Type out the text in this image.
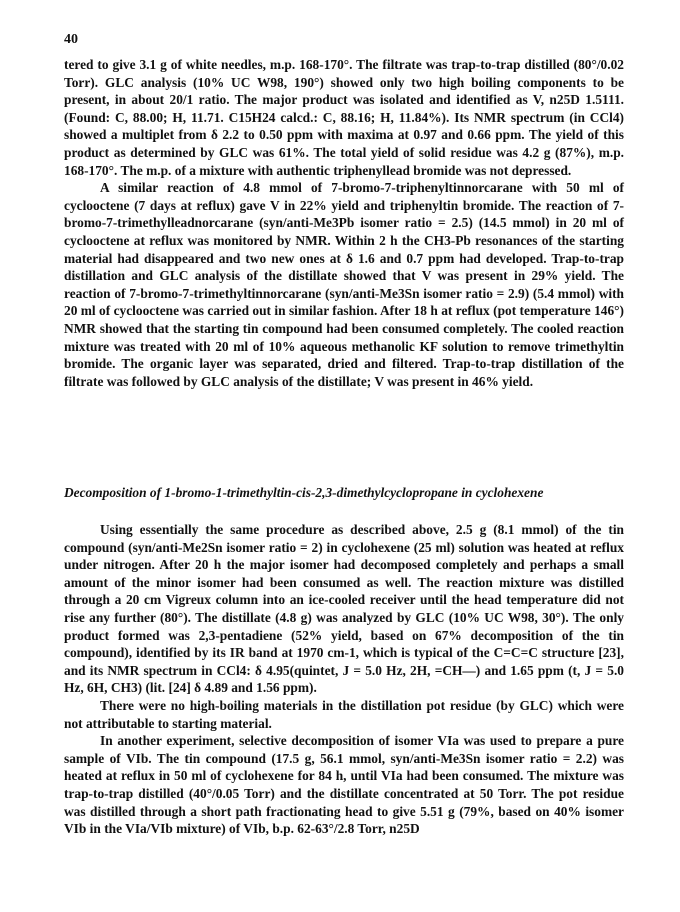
40

tered to give 3.1 g of white needles, m.p. 168-170°. The filtrate was trap-to-trap distilled (80°/0.02 Torr). GLC analysis (10% UC W98, 190°) showed only two high boiling components to be present, in about 20/1 ratio. The major product was isolated and identified as V, n25D 1.5111. (Found: C, 88.00; H, 11.71. C15H24 calcd.: C, 88.16; H, 11.84%). Its NMR spectrum (in CCl4) showed a multiplet from δ 2.2 to 0.50 ppm with maxima at 0.97 and 0.66 ppm. The yield of this product as determined by GLC was 61%. The total yield of solid residue was 4.2 g (87%), m.p. 168-170°. The m.p. of a mixture with authentic triphenyllead bromide was not depressed.

A similar reaction of 4.8 mmol of 7-bromo-7-triphenyltinnorcarane with 50 ml of cyclooctene (7 days at reflux) gave V in 22% yield and triphenyltin bromide. The reaction of 7-bromo-7-trimethylleadnorcarane (syn/anti-Me3Pb isomer ratio = 2.5) (14.5 mmol) in 20 ml of cyclooctene at reflux was monitored by NMR. Within 2 h the CH3-Pb resonances of the starting material had disappeared and two new ones at δ 1.6 and 0.7 ppm had developed. Trap-to-trap distillation and GLC analysis of the distillate showed that V was present in 29% yield. The reaction of 7-bromo-7-trimethyltinnorcarane (syn/anti-Me3Sn isomer ratio = 2.9) (5.4 mmol) with 20 ml of cyclooctene was carried out in similar fashion. After 18 h at reflux (pot temperature 146°) NMR showed that the starting tin compound had been consumed completely. The cooled reaction mixture was treated with 20 ml of 10% aqueous methanolic KF solution to remove trimethyltin bromide. The organic layer was separated, dried and filtered. Trap-to-trap distillation of the filtrate was followed by GLC analysis of the distillate; V was present in 46% yield.

Decomposition of 1-bromo-1-trimethyltin-cis-2,3-dimethylcyclopropane in cyclohexene

Using essentially the same procedure as described above, 2.5 g (8.1 mmol) of the tin compound (syn/anti-Me2Sn isomer ratio = 2) in cyclohexene (25 ml) solution was heated at reflux under nitrogen. After 20 h the major isomer had decomposed completely and perhaps a small amount of the minor isomer had been consumed as well. The reaction mixture was distilled through a 20 cm Vigreux column into an ice-cooled receiver until the head temperature did not rise any further (80°). The distillate (4.8 g) was analyzed by GLC (10% UC W98, 30°). The only product formed was 2,3-pentadiene (52% yield, based on 67% decomposition of the tin compound), identified by its IR band at 1970 cm-1, which is typical of the C=C=C structure [23], and its NMR spectrum in CCl4: δ 4.95(quintet, J = 5.0 Hz, 2H, =CH—) and 1.65 ppm (t, J = 5.0 Hz, 6H, CH3) (lit. [24] δ 4.89 and 1.56 ppm).

There were no high-boiling materials in the distillation pot residue (by GLC) which were not attributable to starting material.

In another experiment, selective decomposition of isomer VIa was used to prepare a pure sample of VIb. The tin compound (17.5 g, 56.1 mmol, syn/anti-Me3Sn isomer ratio = 2.2) was heated at reflux in 50 ml of cyclohexene for 84 h, until VIa had been consumed. The mixture was trap-to-trap distilled (40°/0.05 Torr) and the distillate concentrated at 50 Torr. The pot residue was distilled through a short path fractionating head to give 5.51 g (79%, based on 40% isomer VIb in the VIa/VIb mixture) of VIb, b.p. 62-63°/2.8 Torr, n25D
